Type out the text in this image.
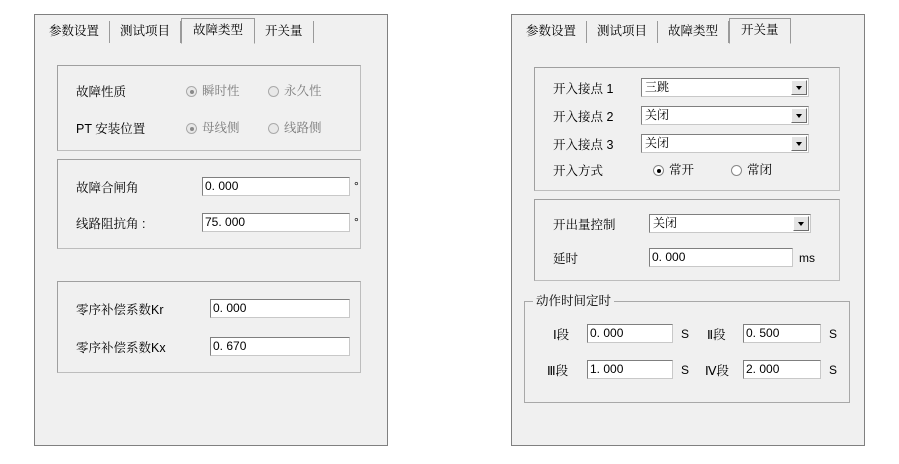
参数设置	测试项目	故障类型	开关量
故障性质	瞬时性	永久性
PT 安装位置	母线侧	线路侧
故障合闸角	0. 000	°
线路阻抗角 :	75. 000	°
零序补偿系数Kr	0. 000
零序补偿系数Kx	0. 670
参数设置	测试项目	故障类型	开关量
开入接点 1	三跳
开入接点 2	关闭
开入接点 3	关闭
开入方式	常开	常闭
开出量控制	关闭
延时	0. 000	ms
动作时间定时
Ⅰ段 0. 000	S Ⅱ段 0. 500	S
Ⅲ段 1. 000	S Ⅳ段 2. 000	S
